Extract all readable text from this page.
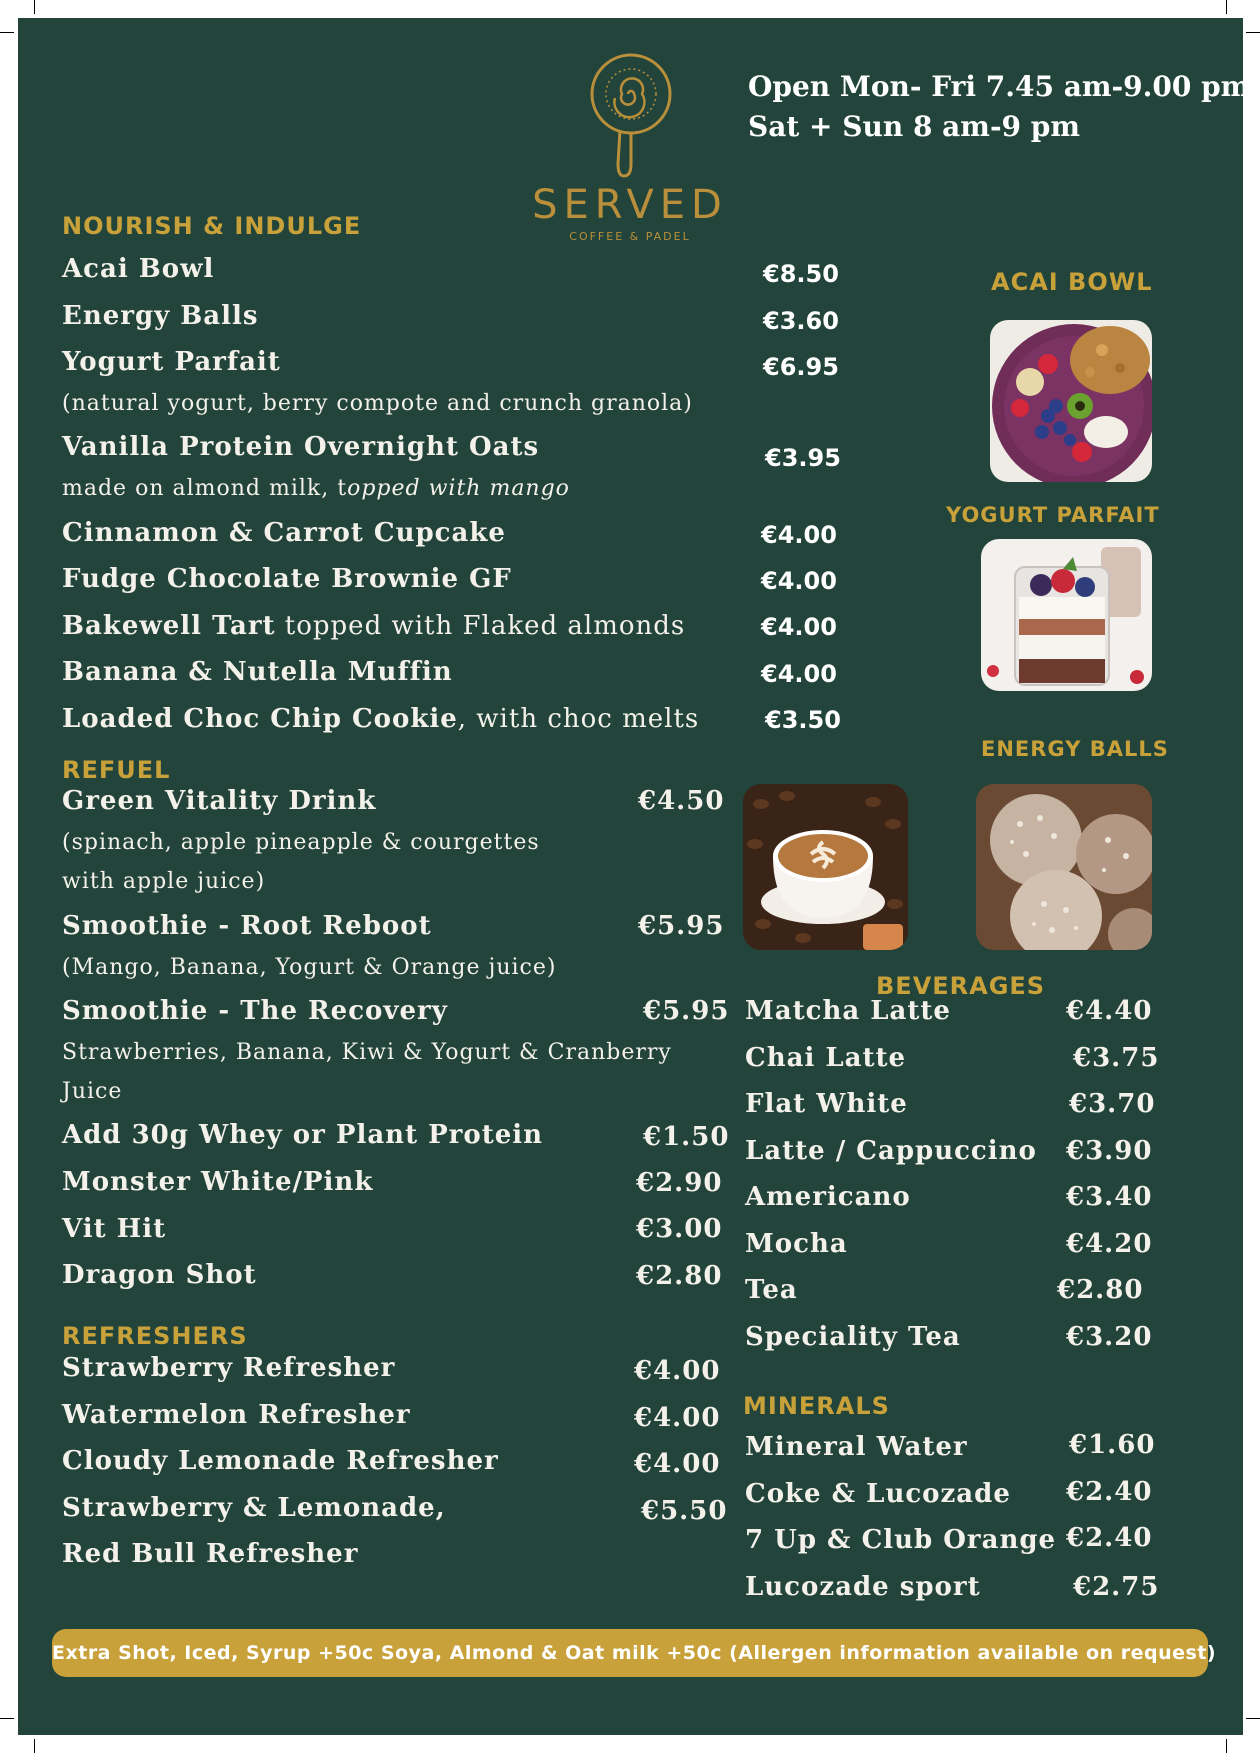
SERVED
COFFEE & PADEL
Open Mon- Fri 7.45 am-9.00 pm
Sat + Sun 8 am-9 pm
NOURISH & INDULGE
Acai Bowl	€8.50
Energy Balls	€3.60
Yogurt Parfait	€6.95
(natural yogurt, berry compote and crunch granola)
Vanilla Protein Overnight Oats	€3.95
made on almond milk, topped with mango
Cinnamon & Carrot Cupcake	€4.00
Fudge Chocolate Brownie GF	€4.00
Bakewell Tart topped with Flaked almonds	€4.00
Banana & Nutella Muffin	€4.00
Loaded Choc Chip Cookie, with choc melts	€3.50
REFUEL
Green Vitality Drink	€4.50
(spinach, apple pineapple & courgettes
with apple juice)
Smoothie - Root Reboot	€5.95
(Mango, Banana, Yogurt & Orange juice)
Smoothie - The Recovery	€5.95
Strawberries, Banana, Kiwi & Yogurt & Cranberry
Juice
Add 30g Whey or Plant Protein	€1.50
Monster White/Pink	€2.90
Vit Hit	€3.00
Dragon Shot	€2.80
REFRESHERS
Strawberry Refresher	€4.00
Watermelon Refresher	€4.00
Cloudy Lemonade Refresher	€4.00
Strawberry & Lemonade,	€5.50
Red Bull Refresher
ACAI BOWL
YOGURT PARFAIT
ENERGY BALLS
BEVERAGES
Matcha Latte	€4.40
Chai Latte	€3.75
Flat White	€3.70
Latte / Cappuccino €3.90
Americano	€3.40
Mocha	€4.20
Tea	€2.80
Speciality Tea	€3.20
MINERALS
Mineral Water	€1.60
Coke & Lucozade €2.40
7 Up & Club Orange €2.40
Lucozade sport	€2.75
Extra Shot, Iced, Syrup +50c Soya, Almond & Oat milk +50c (Allergen information available on request)
